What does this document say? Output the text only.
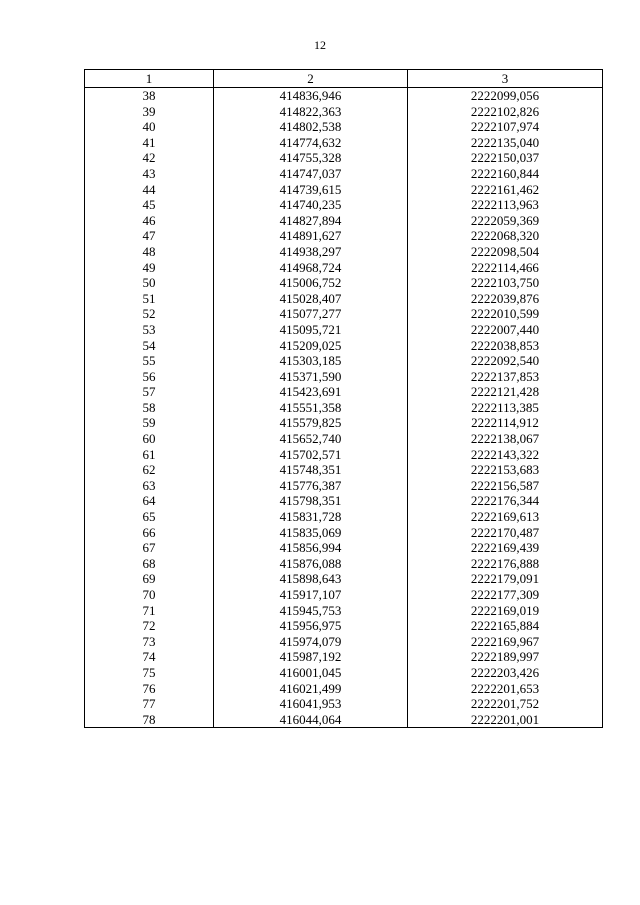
12
1	2	3
38	414836,946	2222099,056
39	414822,363	2222102,826
40	414802,538	2222107,974
41	414774,632	2222135,040
42	414755,328	2222150,037
43	414747,037	2222160,844
44	414739,615	2222161,462
45	414740,235	2222113,963
46	414827,894	2222059,369
47	414891,627	2222068,320
48	414938,297	2222098,504
49	414968,724	2222114,466
50	415006,752	2222103,750
51	415028,407	2222039,876
52	415077,277	2222010,599
53	415095,721	2222007,440
54	415209,025	2222038,853
55	415303,185	2222092,540
56	415371,590	2222137,853
57	415423,691	2222121,428
58	415551,358	2222113,385
59	415579,825	2222114,912
60	415652,740	2222138,067
61	415702,571	2222143,322
62	415748,351	2222153,683
63	415776,387	2222156,587
64	415798,351	2222176,344
65	415831,728	2222169,613
66	415835,069	2222170,487
67	415856,994	2222169,439
68	415876,088	2222176,888
69	415898,643	2222179,091
70	415917,107	2222177,309
71	415945,753	2222169,019
72	415956,975	2222165,884
73	415974,079	2222169,967
74	415987,192	2222189,997
75	416001,045	2222203,426
76	416021,499	2222201,653
77	416041,953	2222201,752
78	416044,064	2222201,001
